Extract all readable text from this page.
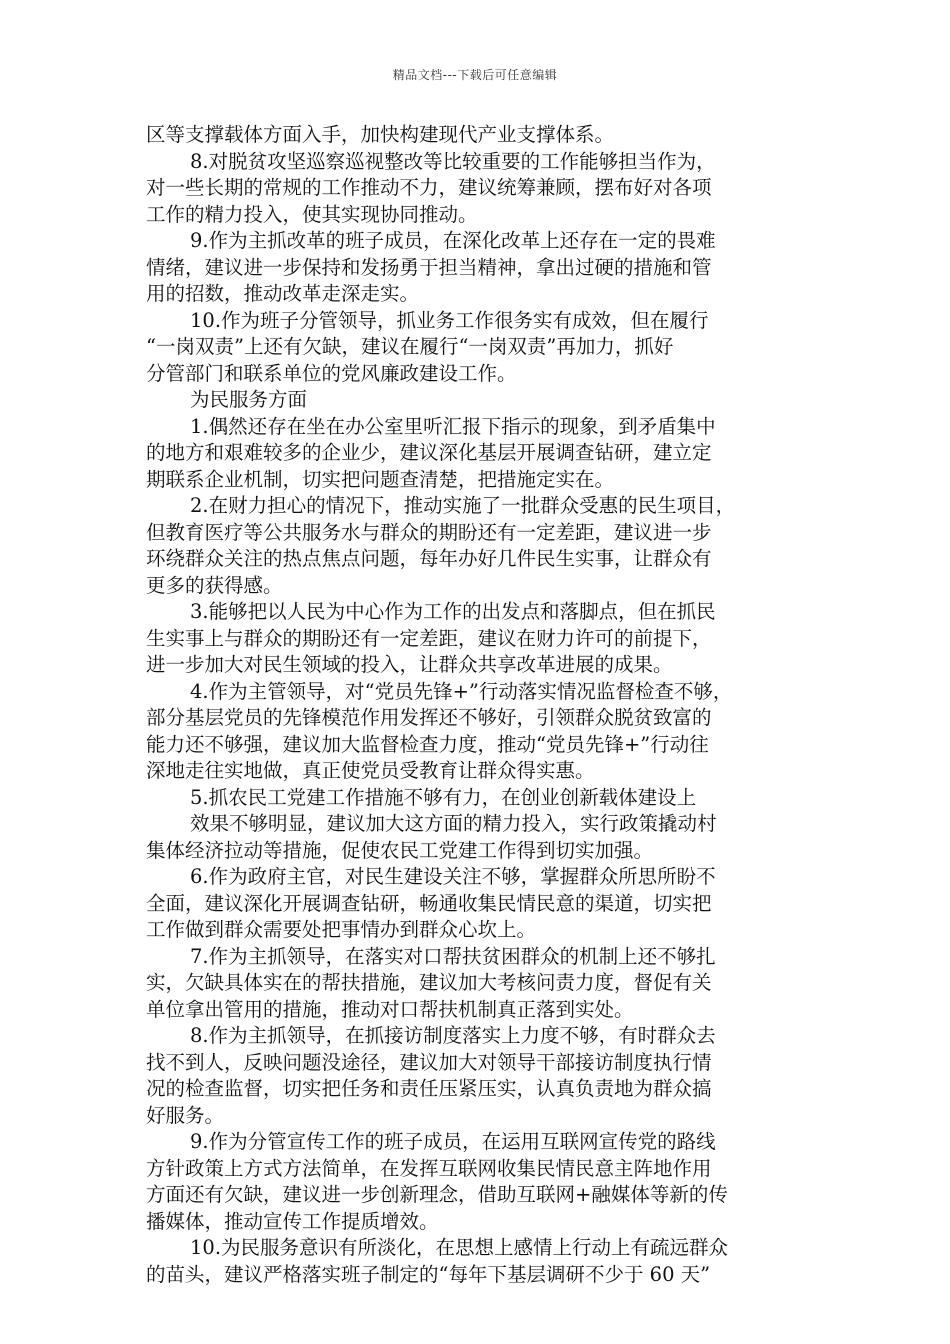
精品文档---下载后可任意编辑
区等支撑载体方面入手，加快构建现代产业支撑体系。
8.对脱贫攻坚巡察巡视整改等比较重要的工作能够担当作为，
对一些长期的常规的工作推动不力，建议统筹兼顾，摆布好对各项
工作的精力投入，使其实现协同推动。
9.作为主抓改革的班子成员，在深化改革上还存在一定的畏难
情绪，建议进一步保持和发扬勇于担当精神，拿出过硬的措施和管
用的招数，推动改革走深走实。
10.作为班子分管领导，抓业务工作很务实有成效，但在履行
“一岗双责”上还有欠缺，建议在履行“一岗双责”再加力，抓好
分管部门和联系单位的党风廉政建设工作。
为民服务方面
1.偶然还存在坐在办公室里听汇报下指示的现象，到矛盾集中
的地方和艰难较多的企业少，建议深化基层开展调查钻研，建立定
期联系企业机制，切实把问题查清楚，把措施定实在。
2.在财力担心的情况下，推动实施了一批群众受惠的民生项目，
但教育医疗等公共服务水与群众的期盼还有一定差距，建议进一步
环绕群众关注的热点焦点问题，每年办好几件民生实事，让群众有
更多的获得感。
3.能够把以人民为中心作为工作的出发点和落脚点，但在抓民
生实事上与群众的期盼还有一定差距，建议在财力许可的前提下，
进一步加大对民生领域的投入，让群众共享改革进展的成果。
4.作为主管领导，对“党员先锋+”行动落实情况监督检查不够，
部分基层党员的先锋模范作用发挥还不够好，引领群众脱贫致富的
能力还不够强，建议加大监督检查力度，推动“党员先锋+”行动往
深地走往实地做，真正使党员受教育让群众得实惠。
5.抓农民工党建工作措施不够有力，在创业创新载体建设上
效果不够明显，建议加大这方面的精力投入，实行政策撬动村
集体经济拉动等措施，促使农民工党建工作得到切实加强。
6.作为政府主官，对民生建设关注不够，掌握群众所思所盼不
全面，建议深化开展调查钻研，畅通收集民情民意的渠道，切实把
工作做到群众需要处把事情办到群众心坎上。
7.作为主抓领导，在落实对口帮扶贫困群众的机制上还不够扎
实，欠缺具体实在的帮扶措施，建议加大考核问责力度，督促有关
单位拿出管用的措施，推动对口帮扶机制真正落到实处。
8.作为主抓领导，在抓接访制度落实上力度不够，有时群众去
找不到人，反映问题没途径，建议加大对领导干部接访制度执行情
况的检查监督，切实把任务和责任压紧压实，认真负责地为群众搞
好服务。
9.作为分管宣传工作的班子成员，在运用互联网宣传党的路线
方针政策上方式方法简单，在发挥互联网收集民情民意主阵地作用
方面还有欠缺，建议进一步创新理念，借助互联网+融媒体等新的传
播媒体，推动宣传工作提质增效。
10.为民服务意识有所淡化，在思想上感情上行动上有疏远群众
的苗头，建议严格落实班子制定的“每年下基层调研不少于 60 天”
